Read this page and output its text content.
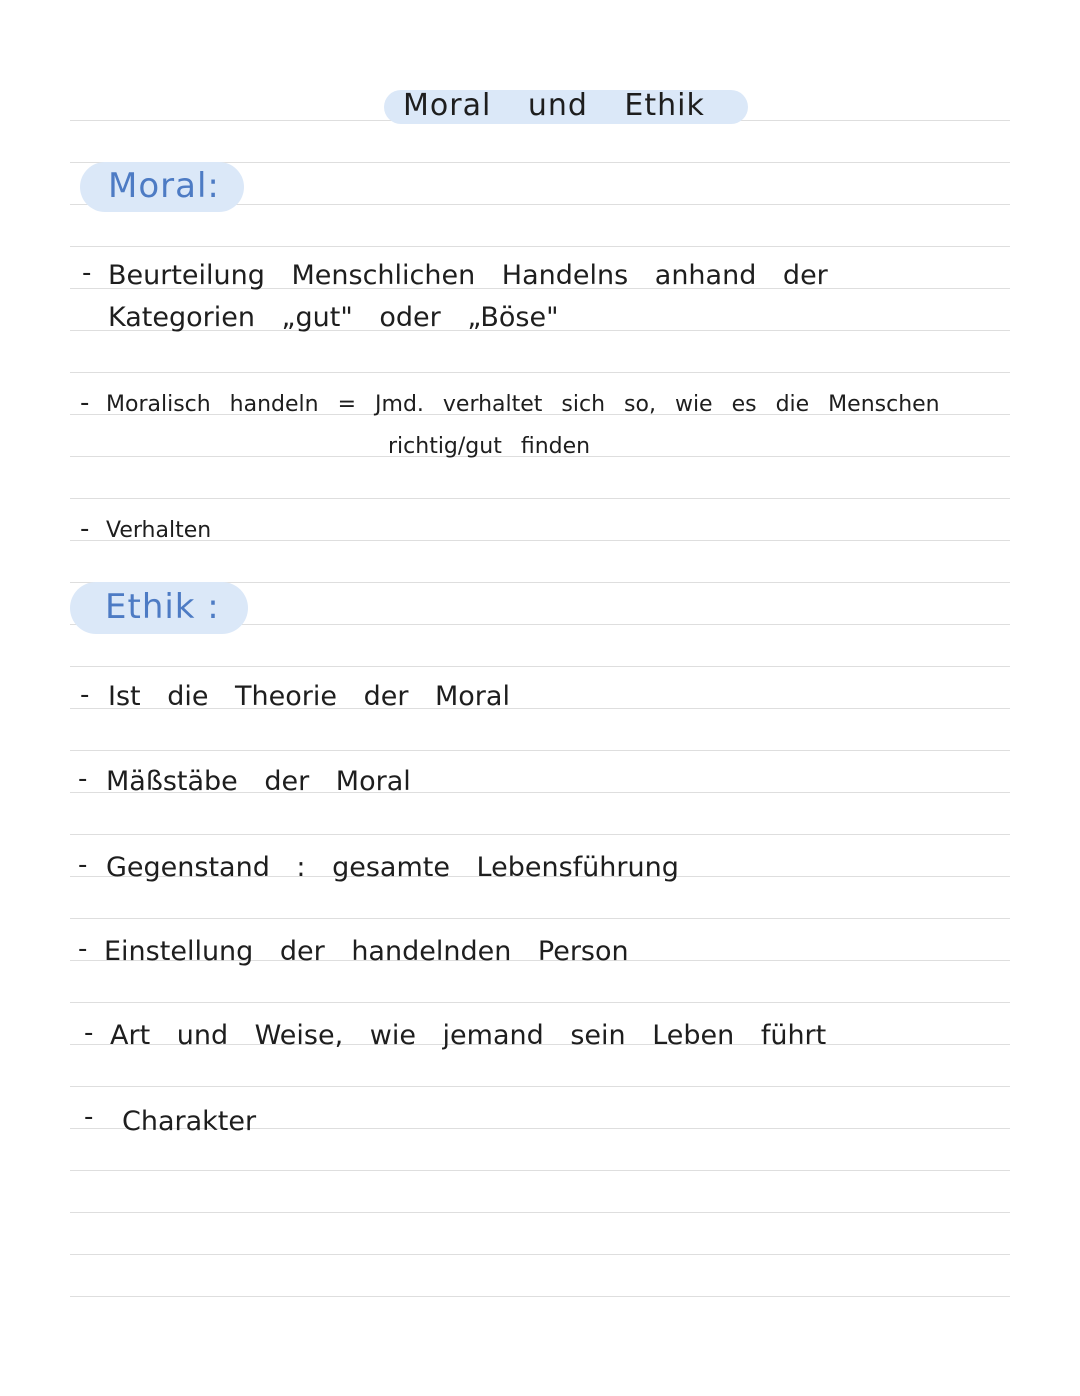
Moral und Ethik
Moral:
- Beurteilung Menschlichen Handelns anhand der
Kategorien „gut" oder „Böse"
- Moralisch handeln = Jmd. verhaltet sich so, wie es die Menschen
richtig/gut finden
- Verhalten
Ethik :
- Ist die Theorie der Moral
- Mäßstäbe der Moral
- Gegenstand : gesamte Lebensführung
- Einstellung der handelnden Person
- Art und Weise, wie jemand sein Leben führt
- Charakter
